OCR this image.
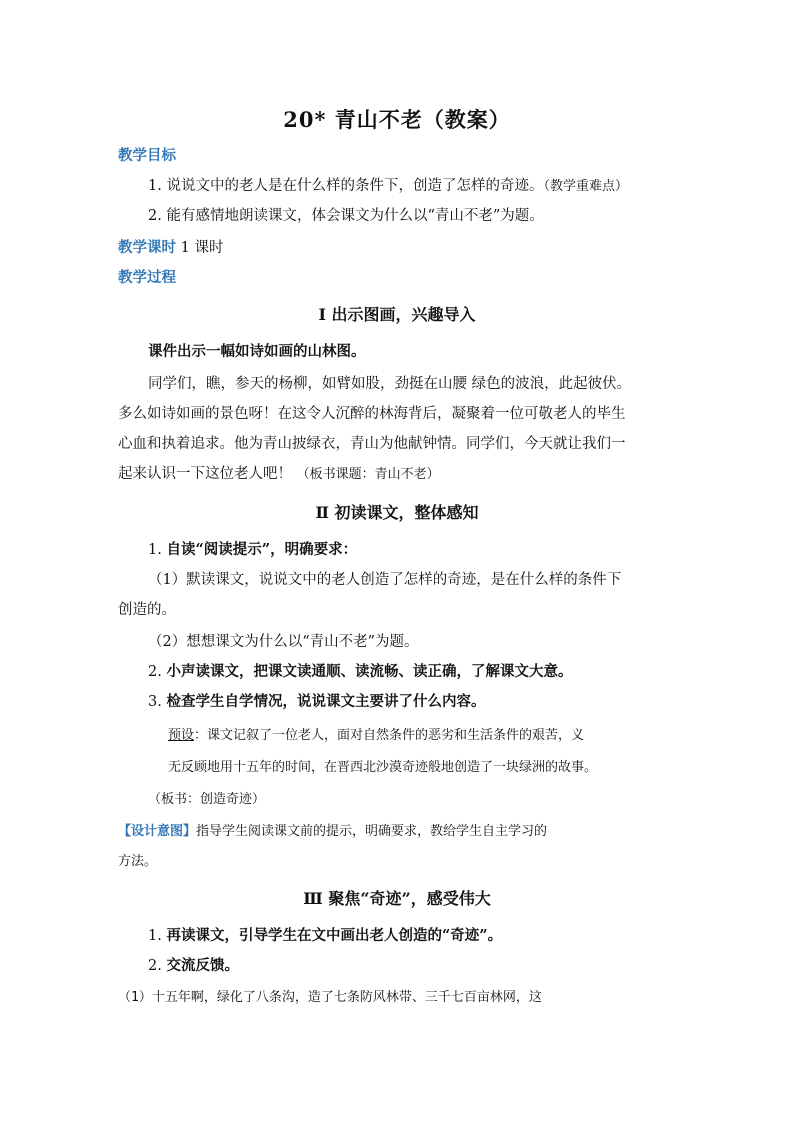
20* 青山不老（教案）
教学目标
1. 说说文中的老人是在什么样的条件下，创造了怎样的奇迹。（教学重难点）
2. 能有感情地朗读课文，体会课文为什么以“青山不老”为题。
教学课时 1 课时
教学过程
Ⅰ 出示图画，兴趣导入
课件出示一幅如诗如画的山林图。
同学们，瞧，参天的杨柳，如臂如股，劲挺在山腰 绿色的波浪，此起彼伏。
多么如诗如画的景色呀！在这令人沉醉的林海背后，凝聚着一位可敬老人的毕生
心血和执着追求。他为青山披绿衣，青山为他献钟情。同学们，今天就让我们一
起来认识一下这位老人吧！ （板书课题：青山不老）
Ⅱ 初读课文，整体感知
1. 自读“阅读提示”，明确要求：
（1）默读课文，说说文中的老人创造了怎样的奇迹，是在什么样的条件下
创造的。
（2）想想课文为什么以“青山不老”为题。
2. 小声读课文，把课文读通顺、读流畅、读正确，了解课文大意。
3. 检查学生自学情况，说说课文主要讲了什么内容。
预设：课文记叙了一位老人，面对自然条件的恶劣和生活条件的艰苦，义
无反顾地用十五年的时间，在晋西北沙漠奇迹般地创造了一块绿洲的故事。
（板书：创造奇迹）
【设计意图】指导学生阅读课文前的提示，明确要求，教给学生自主学习的
方法。
Ⅲ 聚焦“奇迹”，感受伟大
1. 再读课文，引导学生在文中画出老人创造的“奇迹”。
2. 交流反馈。
（1）十五年啊，绿化了八条沟，造了七条防风林带、三千七百亩林网，这
